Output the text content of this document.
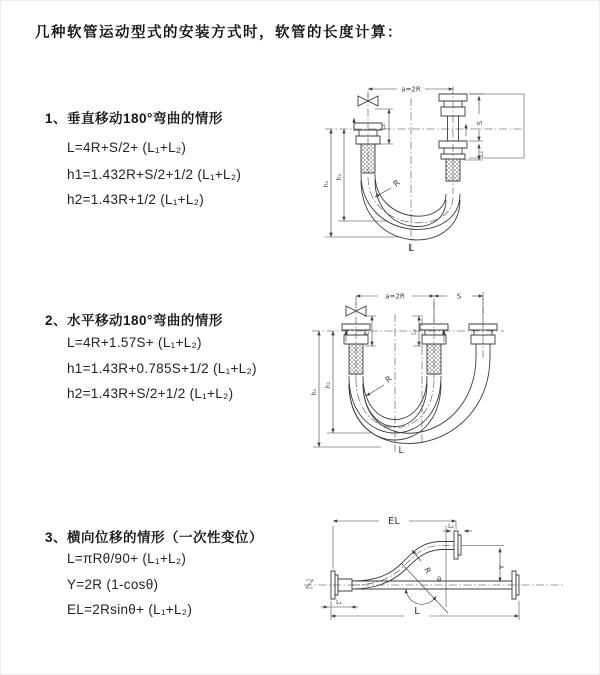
几种软管运动型式的安装方式时，软管的长度计算：
1、垂直移动180°弯曲的情形
L=4R+S/2+ (L₁+L₂)
h1=1.432R+S/2+1/2 (L₁+L₂)
h2=1.43R+1/2 (L₁+L₂)
2、水平移动180°弯曲的情形
L=4R+1.57S+ (L₁+L₂)
h1=1.43R+0.785S+1/2 (L₁+L₂)
h2=1.43R+S/2+1/2 (L₁+L₂)
3、横向位移的情形（一次性变位）
L=πRθ/90+ (L₁+L₂)
Y=2R (1-cosθ)
EL=2Rsinθ+ (L₁+L₂)
a=2R
S
L₂
L₁
h₁
h₂
R
L
a=2R	S
h₁
h₂
L₁	L₂
R
L
EL	L₂
Y
R
θ
L
L₁
